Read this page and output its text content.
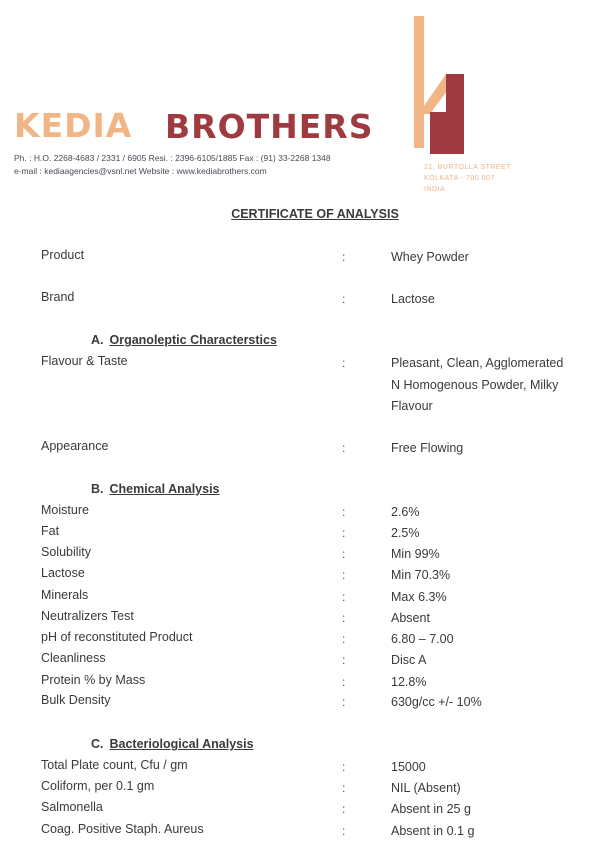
KEDIA BROTHERS
Ph. : H.O. 2268-4683 / 2331 / 6905 Resi. : 2396-6105/1885 Fax : (91) 33-2268 1348
e-mail : kediaagencies@vsnl.net Website : www.kediabrothers.com	21, BURTOLLA STREET
KOLKATA - 700 007
INDIA
CERTIFICATE OF ANALYSIS
Product	:	Whey Powder
Brand	:	Lactose
A. Organoleptic Characterstics
Flavour & Taste	:	Pleasant, Clean, Agglomerated
N Homogenous Powder, Milky
Flavour
Appearance	:	Free Flowing
B. Chemical Analysis
Moisture	:	2.6%
Fat	:	2.5%
Solubility	:	Min 99%
Lactose	:	Min 70.3%
Minerals	:	Max 6.3%
Neutralizers Test	:	Absent
pH of reconstituted Product	:	6.80 – 7.00
Cleanliness	:	Disc A
Protein % by Mass	:	12.8%
Bulk Density	:	630g/cc +/- 10%
C. Bacteriological Analysis
Total Plate count, Cfu / gm	:	15000
Coliform, per 0.1 gm	:	NIL (Absent)
Salmonella	:	Absent in 25 g
Coag. Positive Staph. Aureus	:	Absent in 0.1 g
